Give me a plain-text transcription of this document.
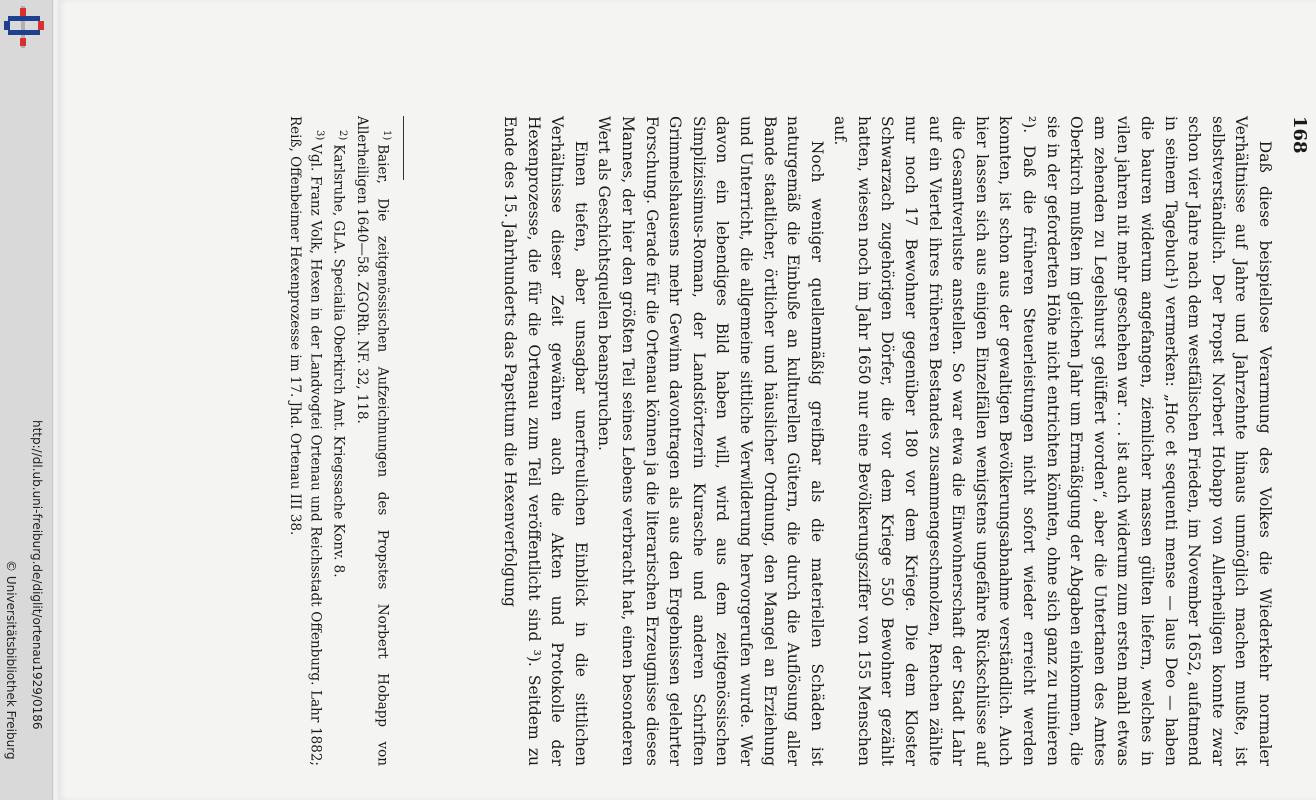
http://dl.ub.uni-freiburg.de/diglit/ortenau1929/0186
© Universitätsbibliothek Freiburg
168

Daß diese beispiellose Verarmung des Volkes die Wiederkehr normaler Verhältnisse auf Jahre und Jahrzehnte hinaus unmöglich machen mußte, ist selbstverständlich. Der Propst Norbert Hobapp von Allerheiligen konnte zwar schon vier Jahre nach dem westfälischen Frieden, im November 1652, aufatmend in seinem Tagebuch¹) vermerken: „Hoc et sequenti mense — laus Deo — haben die bauren widerum angefangen, ziemlicher massen gülten liefern, welches in vilen jahren nit mehr geschehen war . . . ist auch widerum zum ersten mahl etwas am zehenden zu Legelshurst gelüffert worden“, aber die Untertanen des Amtes Oberkirch mußten im gleichen Jahr um Ermäßigung der Abgaben einkommen, die sie in der geforderten Höhe nicht entrichten könnten, ohne sich ganz zu ruinieren ²). Daß die früheren Steuerleistungen nicht sofort wieder erreicht werden konnten, ist schon aus der gewaltigen Bevölkerungsabnahme verständlich. Auch hier lassen sich aus einigen Einzelfällen wenigstens ungefähre Rückschlüsse auf die Gesamtverluste anstellen. So war etwa die Einwohnerschaft der Stadt Lahr auf ein Viertel ihres früheren Bestandes zusammengeschmolzen, Renchen zählte nur noch 17 Bewohner gegenüber 180 vor dem Kriege. Die dem Kloster Schwarzach zugehörigen Dörfer, die vor dem Kriege 550 Bewohner gezählt hatten, wiesen noch im Jahr 1650 nur eine Bevölkerungsziffer von 155 Menschen auf.

Noch weniger quellenmäßig greifbar als die materiellen Schäden ist naturgemäß die Einbuße an kulturellen Gütern, die durch die Auflösung aller Bande staatlicher, örtlicher und häuslicher Ordnung, den Mangel an Erziehung und Unterricht, die allgemeine sittliche Verwilderung hervorgerufen wurde. Wer davon ein lebendiges Bild haben will, wird aus dem zeitgenössischen Simplizissimus-Roman, der Landstörtzerin Kurasche und anderen Schriften Grimmelshausens mehr Gewinn davontragen als aus den Ergebnissen gelehrter Forschung. Gerade für die Ortenau können ja die literarischen Erzeugnisse dieses Mannes, der hier den größten Teil seines Lebens verbracht hat, einen besonderen Wert als Geschichtsquellen beanspruchen.

Einen tiefen, aber unsagbar unerfreulichen Einblick in die sittlichen Verhältnisse dieser Zeit gewähren auch die Akten und Protokolle der Hexenprozesse, die für die Ortenau zum Teil veröffentlicht sind ³). Seitdem zu Ende des 15. Jahrhunderts das Papsttum die Hexenverfolgung

$^{1)}$Baier, Die zeitgenössischen Aufzeichnungen des Propstes Norbert Hobapp von Allerheiligen 1640—58. ZGORh. NF. 32, 118.

$^{2)}$Karlsruhe, GLA. Specialia Oberkirch Amt. Kriegssache Konv. 8.

$^{3)}$Vgl. Franz Volk, Hexen in der Landvogtei Ortenau und Reichsstadt Offenburg. Lahr 1882; Reiß, Offenbeimer Hexenprozesse im 17. Jhd. Ortenau III 38.
